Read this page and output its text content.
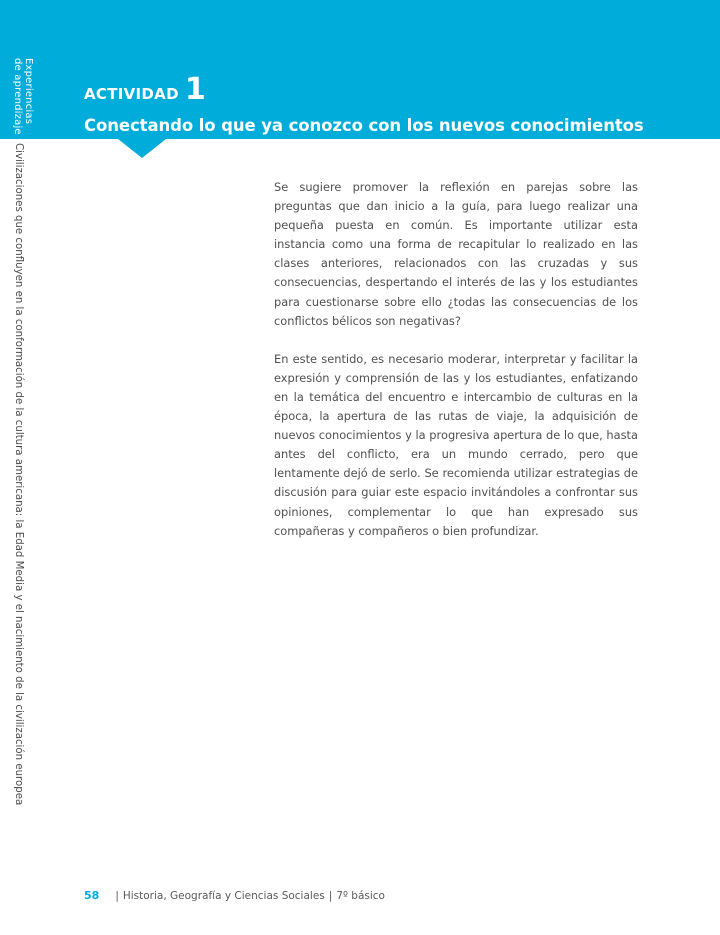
Experiencias
de aprendizaje	ACTIVIDAD 1
Conectando lo que ya conozco con los nuevos conocimientos
Civilizaciones que confluyen en la conformación de la cultura americana: la Edad Media y el nacimiento de la civilización europea	Se sugiere promover la reflexión en parejas sobre las preguntas que dan inicio a la guía, para luego realizar una pequeña puesta en común. Es importante utilizar esta instancia como una forma de recapitular lo realizado en las clases anteriores, relacionados con las cruzadas y sus consecuencias, despertando el interés de las y los estudiantes para cuestionarse sobre ello ¿todas las consecuencias de los conflictos bélicos son negativas?

En este sentido, es necesario moderar, interpretar y facilitar la expresión y comprensión de las y los estudiantes, enfatizando en la temática del encuentro e intercambio de culturas en la época, la apertura de las rutas de viaje, la adquisición de nuevos conocimientos y la progresiva apertura de lo que, hasta antes del conflicto, era un mundo cerrado, pero que lentamente dejó de serlo. Se recomienda utilizar estrategias de discusión para guiar este espacio invitándoles a confrontar sus opiniones, complementar lo que han expresado sus compañeras y compañeros o bien profundizar.

58 | Historia, Geografía y Ciencias Sociales | 7º básico
